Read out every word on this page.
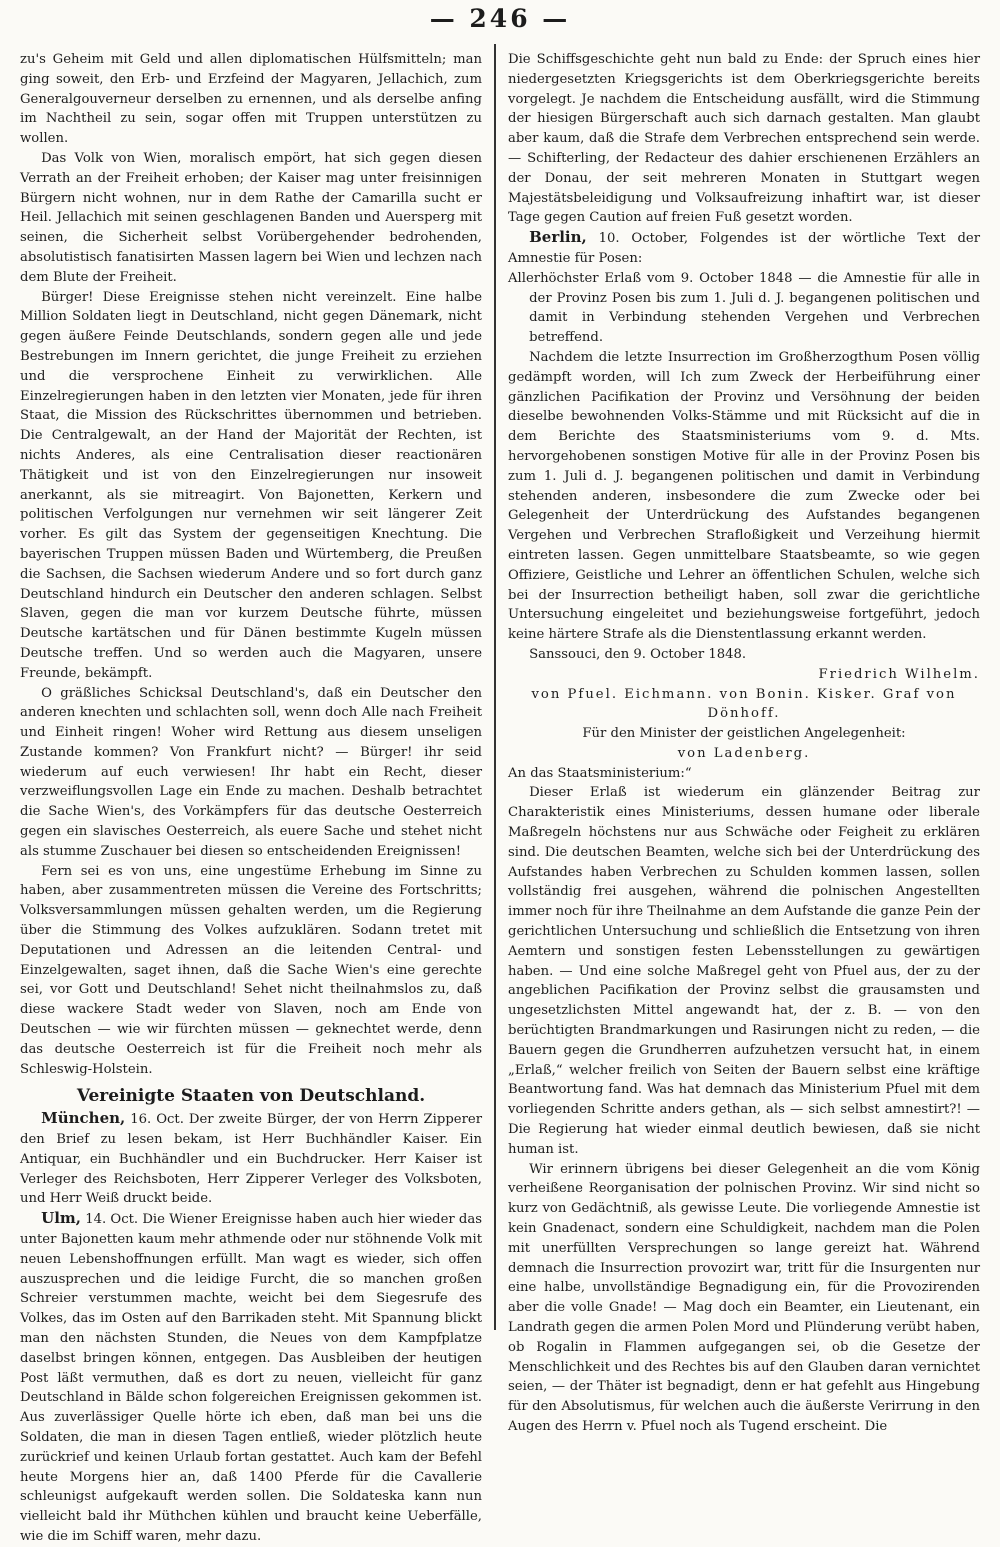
— 246 —

zu's Geheim mit Geld und allen diplomatischen Hülfsmitteln; man ging soweit, den Erb- und Erzfeind der Magyaren, Jellachich, zum Generalgouverneur derselben zu ernennen, und als derselbe anfing im Nachtheil zu sein, sogar offen mit Truppen unterstützen zu wollen.

Das Volk von Wien, moralisch empört, hat sich gegen diesen Verrath an der Freiheit erhoben; der Kaiser mag unter freisinnigen Bürgern nicht wohnen, nur in dem Rathe der Camarilla sucht er Heil. Jellachich mit seinen geschlagenen Banden und Auersperg mit seinen, die Sicherheit selbst Vorübergehender bedrohenden, absolutistisch fanatisirten Massen lagern bei Wien und lechzen nach dem Blute der Freiheit.

Bürger! Diese Ereignisse stehen nicht vereinzelt. Eine halbe Million Soldaten liegt in Deutschland, nicht gegen Dänemark, nicht gegen äußere Feinde Deutschlands, sondern gegen alle und jede Bestrebungen im Innern gerichtet, die junge Freiheit zu erziehen und die versprochene Einheit zu verwirklichen. Alle Einzelregierungen haben in den letzten vier Monaten, jede für ihren Staat, die Mission des Rückschrittes übernommen und betrieben. Die Centralgewalt, an der Hand der Majorität der Rechten, ist nichts Anderes, als eine Centralisation dieser reactionären Thätigkeit und ist von den Einzelregierungen nur insoweit anerkannt, als sie mitreagirt. Von Bajonetten, Kerkern und politischen Verfolgungen nur vernehmen wir seit längerer Zeit vorher. Es gilt das System der gegenseitigen Knechtung. Die bayerischen Truppen müssen Baden und Würtemberg, die Preußen die Sachsen, die Sachsen wiederum Andere und so fort durch ganz Deutschland hindurch ein Deutscher den anderen schlagen. Selbst Slaven, gegen die man vor kurzem Deutsche führte, müssen Deutsche kartätschen und für Dänen bestimmte Kugeln müssen Deutsche treffen. Und so werden auch die Magyaren, unsere Freunde, bekämpft.

O gräßliches Schicksal Deutschland's, daß ein Deutscher den anderen knechten und schlachten soll, wenn doch Alle nach Freiheit und Einheit ringen! Woher wird Rettung aus diesem unseligen Zustande kommen? Von Frankfurt nicht? — Bürger! ihr seid wiederum auf euch verwiesen! Ihr habt ein Recht, dieser verzweiflungsvollen Lage ein Ende zu machen. Deshalb betrachtet die Sache Wien's, des Vorkämpfers für das deutsche Oesterreich gegen ein slavisches Oesterreich, als euere Sache und stehet nicht als stumme Zuschauer bei diesen so entscheidenden Ereignissen!

Fern sei es von uns, eine ungestüme Erhebung im Sinne zu haben, aber zusammentreten müssen die Vereine des Fortschritts; Volksversammlungen müssen gehalten werden, um die Regierung über die Stimmung des Volkes aufzuklären. Sodann tretet mit Deputationen und Adressen an die leitenden Central- und Einzelgewalten, saget ihnen, daß die Sache Wien's eine gerechte sei, vor Gott und Deutschland! Sehet nicht theilnahmslos zu, daß diese wackere Stadt weder von Slaven, noch am Ende von Deutschen — wie wir fürchten müssen — geknechtet werde, denn das deutsche Oesterreich ist für die Freiheit noch mehr als Schleswig-Holstein.

Vereinigte Staaten von Deutschland.

München, 16. Oct. Der zweite Bürger, der von Herrn Zipperer den Brief zu lesen bekam, ist Herr Buchhändler Kaiser. Ein Antiquar, ein Buchhändler und ein Buchdrucker. Herr Kaiser ist Verleger des Reichsboten, Herr Zipperer Verleger des Volksboten, und Herr Weiß druckt beide.

Ulm, 14. Oct. Die Wiener Ereignisse haben auch hier wieder das unter Bajonetten kaum mehr athmende oder nur stöhnende Volk mit neuen Lebenshoffnungen erfüllt. Man wagt es wieder, sich offen auszusprechen und die leidige Furcht, die so manchen großen Schreier verstummen machte, weicht bei dem Siegesrufe des Volkes, das im Osten auf den Barrikaden steht. Mit Spannung blickt man den nächsten Stunden, die Neues von dem Kampfplatze daselbst bringen können, entgegen. Das Ausbleiben der heutigen Post läßt vermuthen, daß es dort zu neuen, vielleicht für ganz Deutschland in Bälde schon folgereichen Ereignissen gekommen ist. Aus zuverlässiger Quelle hörte ich eben, daß man bei uns die Soldaten, die man in diesen Tagen entließ, wieder plötzlich heute zurückrief und keinen Urlaub fortan gestattet. Auch kam der Befehl heute Morgens hier an, daß 1400 Pferde für die Cavallerie schleunigst aufgekauft werden sollen. Die Soldateska kann nun vielleicht bald ihr Müthchen kühlen und braucht keine Ueberfälle, wie die im Schiff waren, mehr dazu.

Die Schiffsgeschichte geht nun bald zu Ende: der Spruch eines hier niedergesetzten Kriegsgerichts ist dem Oberkriegsgerichte bereits vorgelegt. Je nachdem die Entscheidung ausfällt, wird die Stimmung der hiesigen Bürgerschaft auch sich darnach gestalten. Man glaubt aber kaum, daß die Strafe dem Verbrechen entsprechend sein werde. — Schifterling, der Redacteur des dahier erschienenen Erzählers an der Donau, der seit mehreren Monaten in Stuttgart wegen Majestätsbeleidigung und Volksaufreizung inhaftirt war, ist dieser Tage gegen Caution auf freien Fuß gesetzt worden.

Berlin, 10. October, Folgendes ist der wörtliche Text der Amnestie für Posen:

Allerhöchster Erlaß vom 9. October 1848 — die Amnestie für alle in der Provinz Posen bis zum 1. Juli d. J. begangenen politischen und damit in Verbindung stehenden Vergehen und Verbrechen betreffend.

Nachdem die letzte Insurrection im Großherzogthum Posen völlig gedämpft worden, will Ich zum Zweck der Herbeiführung einer gänzlichen Pacifikation der Provinz und Versöhnung der beiden dieselbe bewohnenden Volks-Stämme und mit Rücksicht auf die in dem Berichte des Staatsministeriums vom 9. d. Mts. hervorgehobenen sonstigen Motive für alle in der Provinz Posen bis zum 1. Juli d. J. begangenen politischen und damit in Verbindung stehenden anderen, insbesondere die zum Zwecke oder bei Gelegenheit der Unterdrückung des Aufstandes begangenen Vergehen und Verbrechen Strafloßigkeit und Verzeihung hiermit eintreten lassen. Gegen unmittelbare Staatsbeamte, so wie gegen Offiziere, Geistliche und Lehrer an öffentlichen Schulen, welche sich bei der Insurrection betheiligt haben, soll zwar die gerichtliche Untersuchung eingeleitet und beziehungsweise fortgeführt, jedoch keine härtere Strafe als die Dienstentlassung erkannt werden.

Sanssouci, den 9. October 1848.

Friedrich Wilhelm.

von Pfuel. Eichmann. von Bonin. Kisker. Graf von Dönhoff.

Für den Minister der geistlichen Angelegenheit:

von Ladenberg.

An das Staatsministerium:“

Dieser Erlaß ist wiederum ein glänzender Beitrag zur Charakteristik eines Ministeriums, dessen humane oder liberale Maßregeln höchstens nur aus Schwäche oder Feigheit zu erklären sind. Die deutschen Beamten, welche sich bei der Unterdrückung des Aufstandes haben Verbrechen zu Schulden kommen lassen, sollen vollständig frei ausgehen, während die polnischen Angestellten immer noch für ihre Theilnahme an dem Aufstande die ganze Pein der gerichtlichen Untersuchung und schließlich die Entsetzung von ihren Aemtern und sonstigen festen Lebensstellungen zu gewärtigen haben. — Und eine solche Maßregel geht von Pfuel aus, der zu der angeblichen Pacifikation der Provinz selbst die grausamsten und ungesetzlichsten Mittel angewandt hat, der z. B. — von den berüchtigten Brandmarkungen und Rasirungen nicht zu reden, — die Bauern gegen die Grundherren aufzuhetzen versucht hat, in einem „Erlaß,“ welcher freilich von Seiten der Bauern selbst eine kräftige Beantwortung fand. Was hat demnach das Ministerium Pfuel mit dem vorliegenden Schritte anders gethan, als — sich selbst amnestirt?! — Die Regierung hat wieder einmal deutlich bewiesen, daß sie nicht human ist.

Wir erinnern übrigens bei dieser Gelegenheit an die vom König verheißene Reorganisation der polnischen Provinz. Wir sind nicht so kurz von Gedächtniß, als gewisse Leute. Die vorliegende Amnestie ist kein Gnadenact, sondern eine Schuldigkeit, nachdem man die Polen mit unerfüllten Versprechungen so lange gereizt hat. Während demnach die Insurrection provozirt war, tritt für die Insurgenten nur eine halbe, unvollständige Begnadigung ein, für die Provozirenden aber die volle Gnade! — Mag doch ein Beamter, ein Lieutenant, ein Landrath gegen die armen Polen Mord und Plünderung verübt haben, ob Rogalin in Flammen aufgegangen sei, ob die Gesetze der Menschlichkeit und des Rechtes bis auf den Glauben daran vernichtet seien, — der Thäter ist begnadigt, denn er hat gefehlt aus Hingebung für den Absolutismus, für welchen auch die äußerste Verirrung in den Augen des Herrn v. Pfuel noch als Tugend erscheint. Die
